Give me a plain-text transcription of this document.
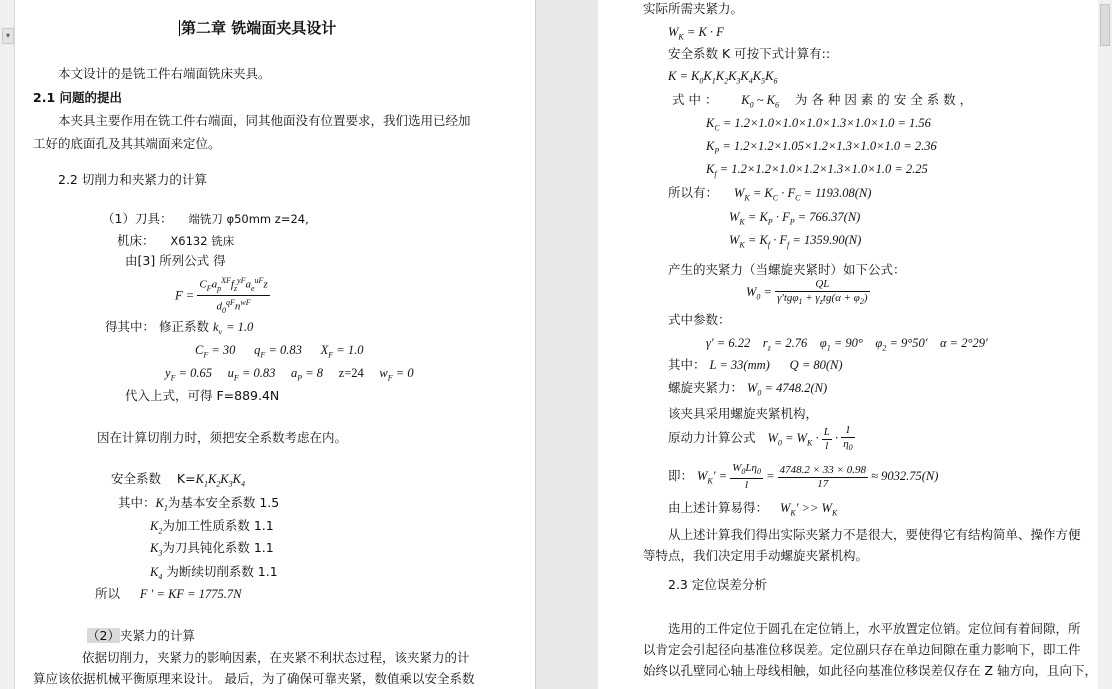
▾	第二章 铣端面夹具设计
本文设计的是铣工件右端面铣床夹具。
2.1 问题的提出
本夹具主要作用在铣工件右端面，同其他面没有位置要求，我们选用已经加
工好的底面孔及其其端面来定位。
2.2 切削力和夹紧力的计算
（1）刀具： 端铣刀 φ50mm z=24,
机床： X6132 铣床
由[3] 所列公式 得
$F = \frac{C_Fa_p^{XF}f_z^{yF}a_e^{uF}z}{d_0^{qF}n^{wF}}$
得其中： 修正系数 $k_v = 1.0$
$C_F = 30$ $q_F = 0.83$ $X_F = 1.0$
$y_F = 0.65$ $u_F = 0.83$ $a_P = 8$ z=24 $w_F = 0$
代入上式，可得 F=889.4N
因在计算切削力时，须把安全系数考虑在内。
安全系数 $K=K_1K_2K_3K_4$
其中：$K_1$为基本安全系数 1.5
$K_2$为加工性质系数 1.1
$K_3$为刀具钝化系数 1.1
$K_4$ 为断续切削系数 1.1
所以 F ′ = KF = 1775.7N
（2）夹紧力的计算
依据切削力，夹紧力的影响因素，在夹紧不利状态过程，该夹紧力的计
算应该依据机械平衡原理来设计。 最后，为了确保可靠夹紧，数值乘以安全系数
实际所需夹紧力。
$W_K = K \cdot F$
安全系数 K 可按下式计算有::
$K = K_0K_1K_2K_3K_4K_5K_6$
式 中 ： $K_0$ ~ $K_6$ 为 各 种 因 素 的 安 全 系 数 ，
$K_C = 1.2\times 1.0\times 1.0\times 1.0\times 1.3\times 1.0\times 1.0 = 1.56$
$K_P = 1.2\times 1.2\times 1.05\times 1.2\times 1.3\times 1.0\times 1.0 = 2.36$
$K_f = 1.2\times 1.2\times 1.0\times 1.2\times 1.3\times 1.0\times 1.0 = 2.25$
所以有： $W_K = K_C \cdot F_C = 1193.08(N)$
$W_K = K_P \cdot F_P = 766.37(N)$
$W_K = K_f \cdot F_f = 1359.90(N)$
产生的夹紧力（当螺旋夹紧时）如下公式：
$W_0 = \frac{QL}{\gamma'tg\varphi_1 + \gamma_ztg(\alpha + \varphi_2)}$
式中参数：
γ′ = 6.22 $r_z = 2.76$ $\varphi_1 = 90^\circ$ $\varphi_2 = 9^\circ 50'$ α = 2°29′
其中： L = 33(mm) Q = 80(N)
螺旋夹紧力： $W_0 = 4748.2(N)$
该夹具采用螺旋夹紧机构，
原动力计算公式 $W_0 = W_K \cdot \frac{L}{l} \cdot \frac{1}{\eta_0}$
即： $W_K' = \frac{W_0L\eta_0}{l} = \frac{4748.2 \times 33 \times 0.98}{17} \approx 9032.75(N)$
由上述计算易得： $W_K' >> W_K$
从上述计算我们得出实际夹紧力不是很大，要使得它有结构简单、操作方便
等特点，我们决定用手动螺旋夹紧机构。
2.3 定位误差分析
选用的工件定位于圆孔在定位销上，水平放置定位销。定位间有着间隙，所
以肯定会引起径向基准位移误差。定位副只存在单边间隙在重力影响下，即工件
始终以孔壁同心轴上母线相触，如此径向基准位移误差仅存在 Z 轴方向，且向下，
